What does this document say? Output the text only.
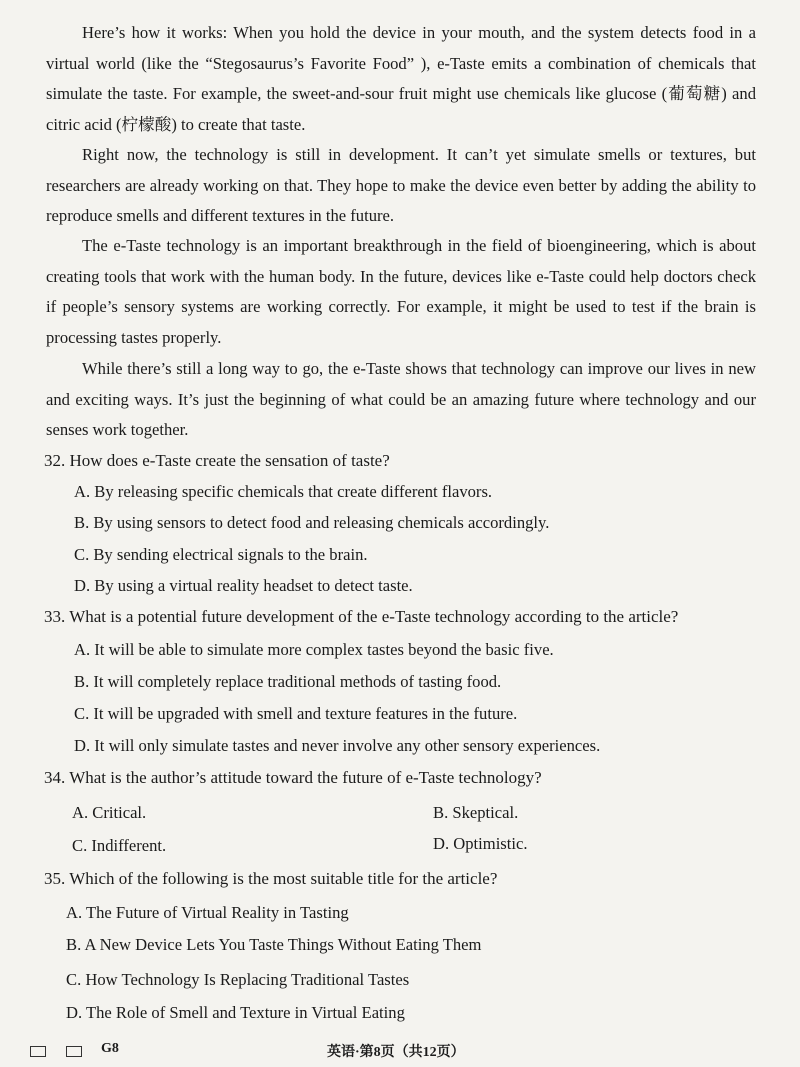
Here’s how it works: When you hold the device in your mouth, and the system detects food in a virtual world (like the “Stegosaurus’s Favorite Food” ), e-Taste emits a combination of chemicals that simulate the taste. For example, the sweet-and-sour fruit might use chemicals like glucose (葡萄糖) and citric acid (柠檬酸) to create that taste.

Right now, the technology is still in development. It can’t yet simulate smells or textures, but researchers are already working on that. They hope to make the device even better by adding the ability to reproduce smells and different textures in the future.

The e-Taste technology is an important breakthrough in the field of bioengineering, which is about creating tools that work with the human body. In the future, devices like e-Taste could help doctors check if people’s sensory systems are working correctly. For example, it might be used to test if the brain is processing tastes properly.

While there’s still a long way to go, the e-Taste shows that technology can improve our lives in new and exciting ways. It’s just the beginning of what could be an amazing future where technology and our senses work together.

32. How does e-Taste create the sensation of taste?

A. By releasing specific chemicals that create different flavors.

B. By using sensors to detect food and releasing chemicals accordingly.

C. By sending electrical signals to the brain.

D. By using a virtual reality headset to detect taste.

33. What is a potential future development of the e-Taste technology according to the article?

A. It will be able to simulate more complex tastes beyond the basic five.

B. It will completely replace traditional methods of tasting food.

C. It will be upgraded with smell and texture features in the future.

D. It will only simulate tastes and never involve any other sensory experiences.

34. What is the author’s attitude toward the future of e-Taste technology?

A. Critical.	B. Skeptical.

C. Indifferent.	D. Optimistic.

35. Which of the following is the most suitable title for the article?

A. The Future of Virtual Reality in Tasting

B. A New Device Lets You Taste Things Without Eating Them

C. How Technology Is Replacing Traditional Tastes

D. The Role of Smell and Texture in Virtual Eating

G8	英语·第8页（共12页）
